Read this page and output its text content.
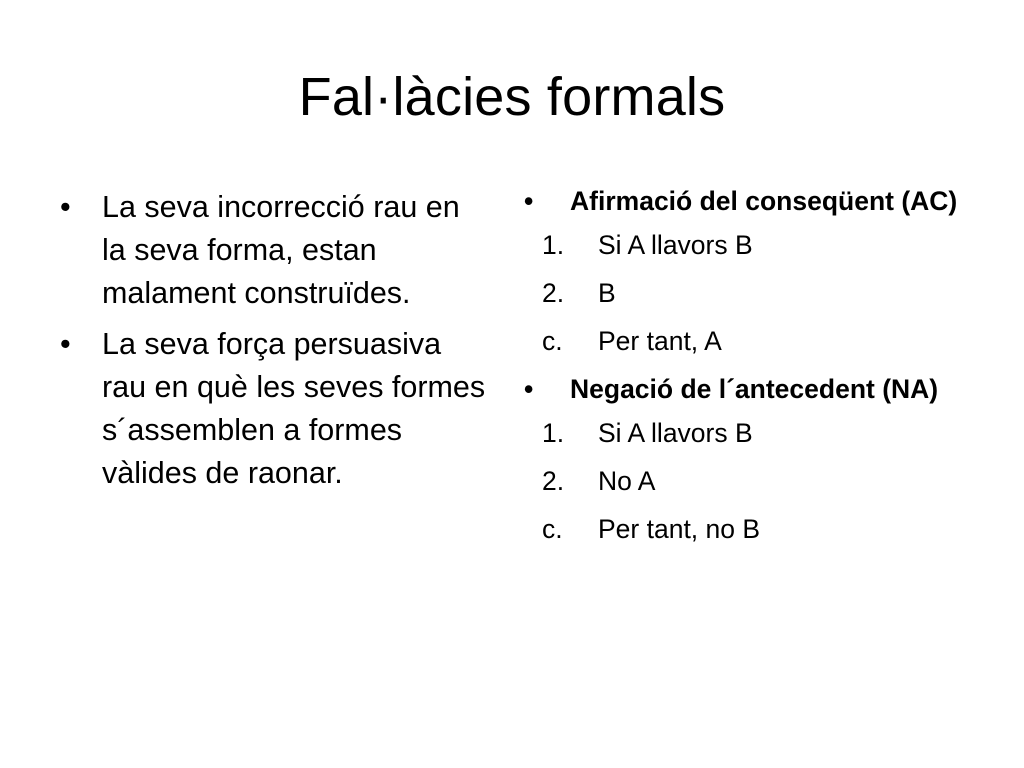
Fal·làcies formals
•	La seva incorrecció rau en la seva forma, estan malament construïdes.
•	La seva força persuasiva rau en què les seves formes s´assemblen a formes vàlides de raonar.
•	Afirmació del conseqüent (AC)
1.	Si A llavors B
2.	B
c.	Per tant, A
•	Negació de l´antecedent (NA)
1.	Si A llavors B
2.	No A
c.	Per tant, no B
